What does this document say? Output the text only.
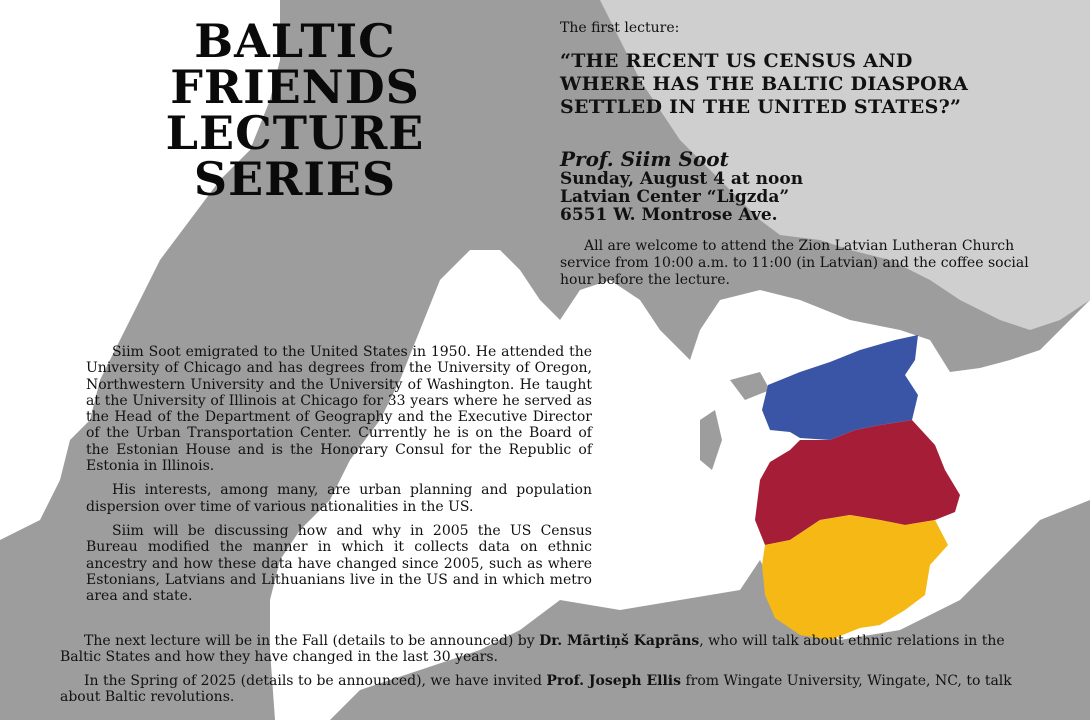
BALTIC
FRIENDS
LECTURE
SERIES
The first lecture:
“THE RECENT US CENSUS AND
WHERE HAS THE BALTIC DIASPORA
SETTLED IN THE UNITED STATES?”
Prof. Siim Soot
Sunday, August 4 at noon
Latvian Center “Ligzda”
6551 W. Montrose Ave.
All are welcome to attend the Zion Latvian Lutheran Church service from 10:00 a.m. to 11:00 (in Latvian) and the coffee social hour before the lecture.

Siim Soot emigrated to the United States in 1950. He attended the University of Chicago and has degrees from the University of Oregon, Northwestern University and the University of Washington. He taught at the University of Illinois at Chicago for 33 years where he served as the Head of the Department of Geography and the Executive Director of the Urban Transportation Center. Currently he is on the Board of the Estonian House and is the Honorary Consul for the Republic of Estonia in Illinois.

His interests, among many, are urban planning and population dispersion over time of various nationalities in the US.

Siim will be discussing how and why in 2005 the US Census Bureau modified the manner in which it collects data on ethnic ancestry and how these data have changed since 2005, such as where Estonians, Latvians and Lithuanians live in the US and in which metro area and state.

The next lecture will be in the Fall (details to be announced) by Dr. Mārtiņš Kaprāns, who will talk about ethnic relations in the Baltic States and how they have changed in the last 30 years.

In the Spring of 2025 (details to be announced), we have invited Prof. Joseph Ellis from Wingate University, Wingate, NC, to talk about Baltic revolutions.
